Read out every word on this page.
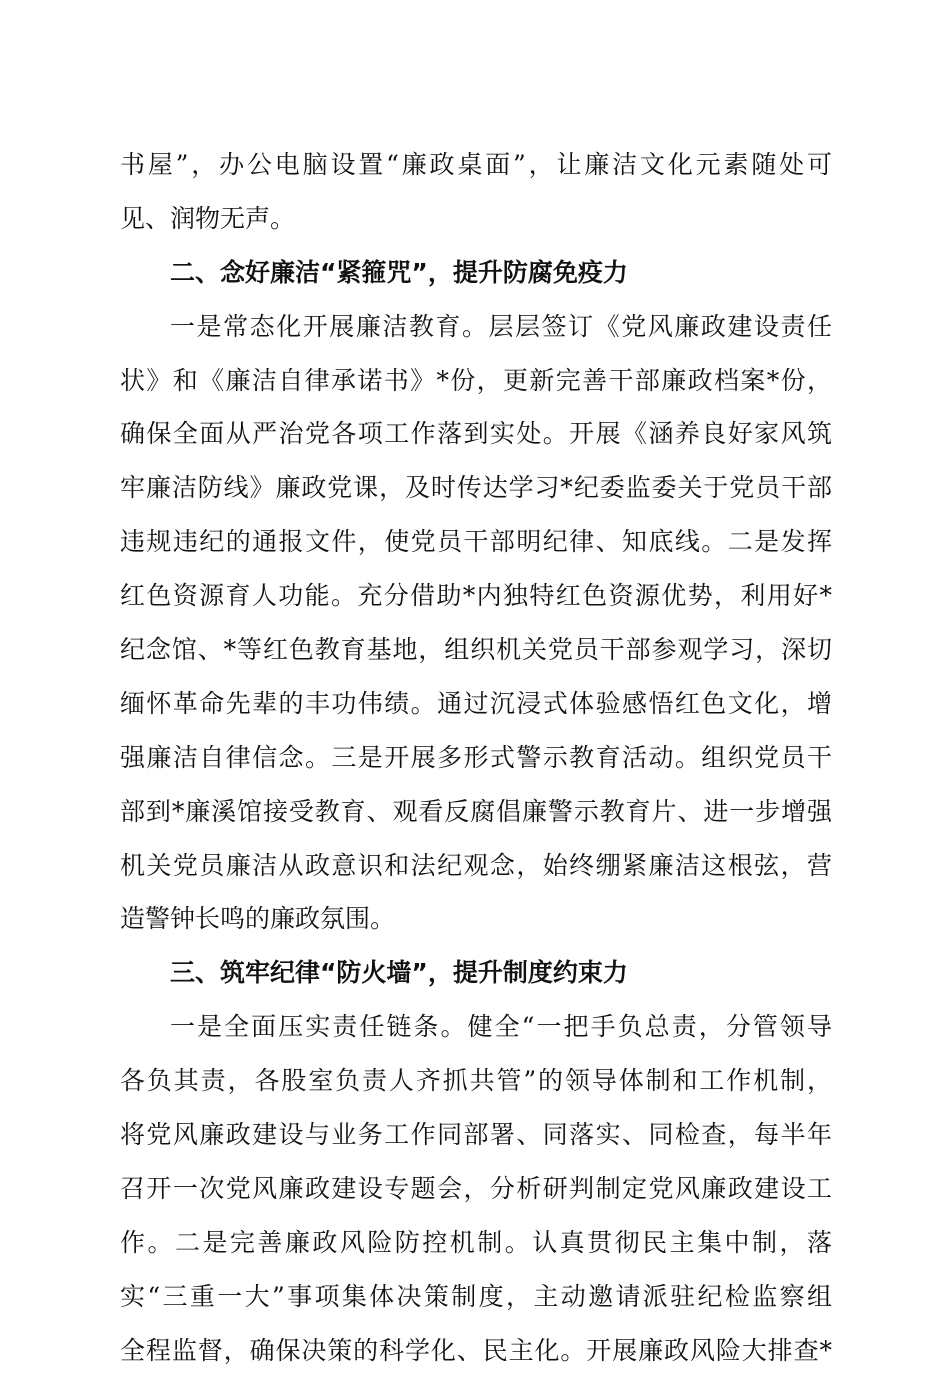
书屋”，办公电脑设置“廉政桌面”，让廉洁文化元素随处可
见、润物无声。
二、念好廉洁“紧箍咒”，提升防腐免疫力
一是常态化开展廉洁教育。层层签订《党风廉政建设责任
状》和《廉洁自律承诺书》*份，更新完善干部廉政档案*份，
确保全面从严治党各项工作落到实处。开展《涵养良好家风筑
牢廉洁防线》廉政党课，及时传达学习*纪委监委关于党员干部
违规违纪的通报文件，使党员干部明纪律、知底线。二是发挥
红色资源育人功能。充分借助*内独特红色资源优势，利用好*
纪念馆、*等红色教育基地，组织机关党员干部参观学习，深切
缅怀革命先辈的丰功伟绩。通过沉浸式体验感悟红色文化，增
强廉洁自律信念。三是开展多形式警示教育活动。组织党员干
部到*廉溪馆接受教育、观看反腐倡廉警示教育片、进一步增强
机关党员廉洁从政意识和法纪观念，始终绷紧廉洁这根弦，营
造警钟长鸣的廉政氛围。
三、筑牢纪律“防火墙”，提升制度约束力
一是全面压实责任链条。健全“一把手负总责，分管领导
各负其责，各股室负责人齐抓共管”的领导体制和工作机制，
将党风廉政建设与业务工作同部署、同落实、同检查，每半年
召开一次党风廉政建设专题会，分析研判制定党风廉政建设工
作。二是完善廉政风险防控机制。认真贯彻民主集中制，落
实“三重一大”事项集体决策制度，主动邀请派驻纪检监察组
全程监督，确保决策的科学化、民主化。开展廉政风险大排查*
